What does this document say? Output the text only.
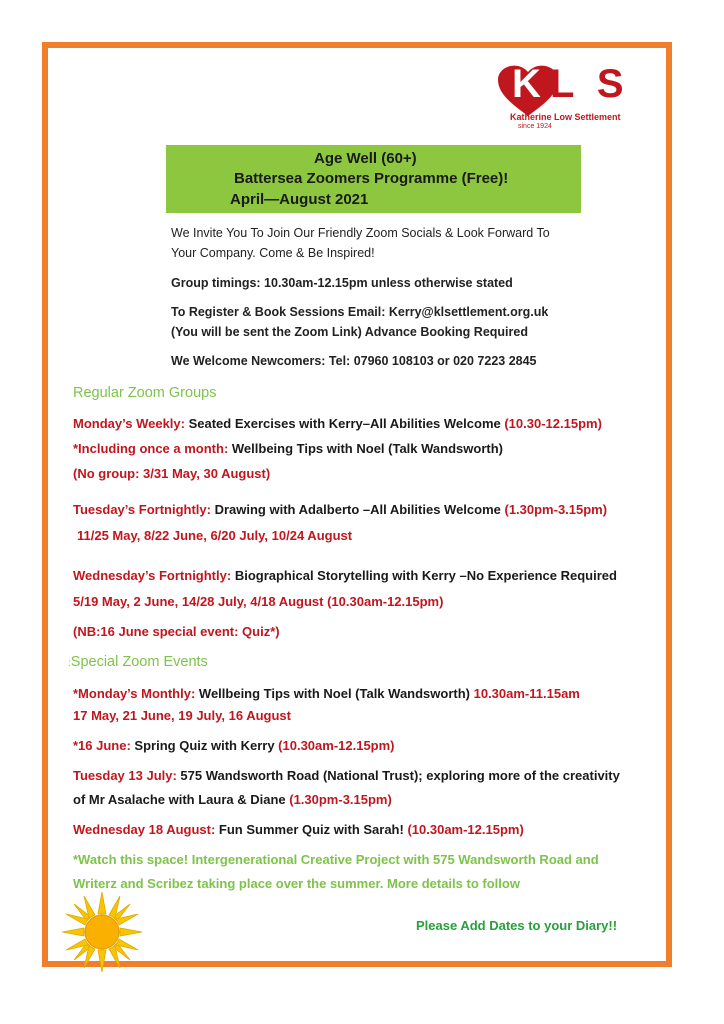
K L S
Katherine Low Settlement
since 1924
Age Well (60+)
Battersea Zoomers Programme (Free)!
April—August 2021
We Invite You To Join Our Friendly Zoom Socials & Look Forward To
Your Company. Come & Be Inspired!
Group timings: 10.30am-12.15pm unless otherwise stated
To Register & Book Sessions Email: Kerry@klsettlement.org.uk
(You will be sent the Zoom Link) Advance Booking Required
We Welcome Newcomers: Tel: 07960 108103 or 020 7223 2845
Regular Zoom Groups
Monday’s Weekly: Seated Exercises with Kerry–All Abilities Welcome (10.30-12.15pm)
*Including once a month: Wellbeing Tips with Noel (Talk Wandsworth)
(No group: 3/31 May, 30 August)
Tuesday’s Fortnightly: Drawing with Adalberto –All Abilities Welcome (1.30pm-3.15pm)
11/25 May, 8/22 June, 6/20 July, 10/24 August
Wednesday’s Fortnightly: Biographical Storytelling with Kerry –No Experience Required
5/19 May, 2 June, 14/28 July, 4/18 August (10.30am-12.15pm)
(NB:16 June special event: Quiz*)
:Special Zoom Events
*Monday’s Monthly: Wellbeing Tips with Noel (Talk Wandsworth) 10.30am-11.15am
17 May, 21 June, 19 July, 16 August
*16 June: Spring Quiz with Kerry (10.30am-12.15pm)
Tuesday 13 July: 575 Wandsworth Road (National Trust); exploring more of the creativity
of Mr Asalache with Laura & Diane (1.30pm-3.15pm)
Wednesday 18 August: Fun Summer Quiz with Sarah! (10.30am-12.15pm)
*Watch this space! Intergenerational Creative Project with 575 Wandsworth Road and
Writerz and Scribez taking place over the summer. More details to follow
Please Add Dates to your Diary!!
